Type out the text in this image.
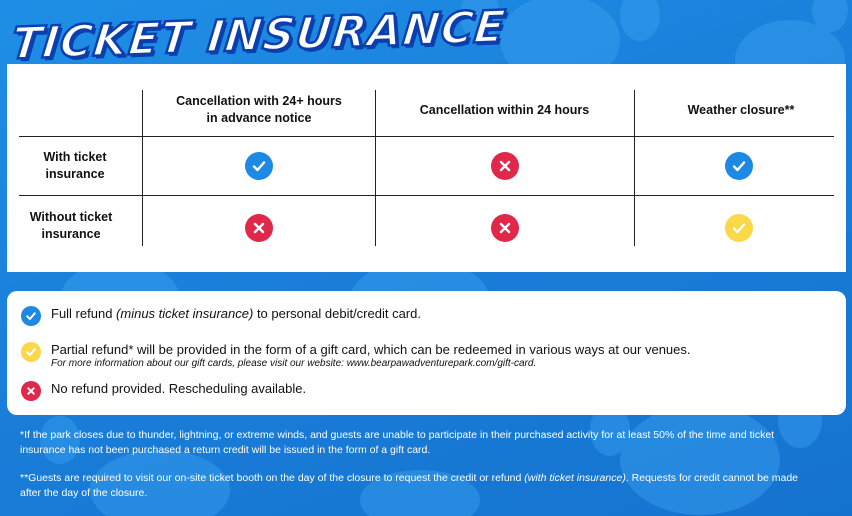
TICKET INSURANCE
Cancellation with 24+ hours
in advance notice
Cancellation within 24 hours	Weather closure**
With ticket
insurance
Without ticket
insurance
Full refund (minus ticket insurance) to personal debit/credit card.
Partial refund* will be provided in the form of a gift card, which can be redeemed in various ways at our venues.
For more information about our gift cards, please visit our website: www.bearpawadventurepark.com/gift-card.
No refund provided. Rescheduling available.
*If the park closes due to thunder, lightning, or extreme winds, and guests are unable to participate in their purchased activity for at least 50% of the time and ticket insurance has not been purchased a return credit will be issued in the form of a gift card.
**Guests are required to visit our on-site ticket booth on the day of the closure to request the credit or refund (with ticket insurance). Requests for credit cannot be made after the day of the closure.
